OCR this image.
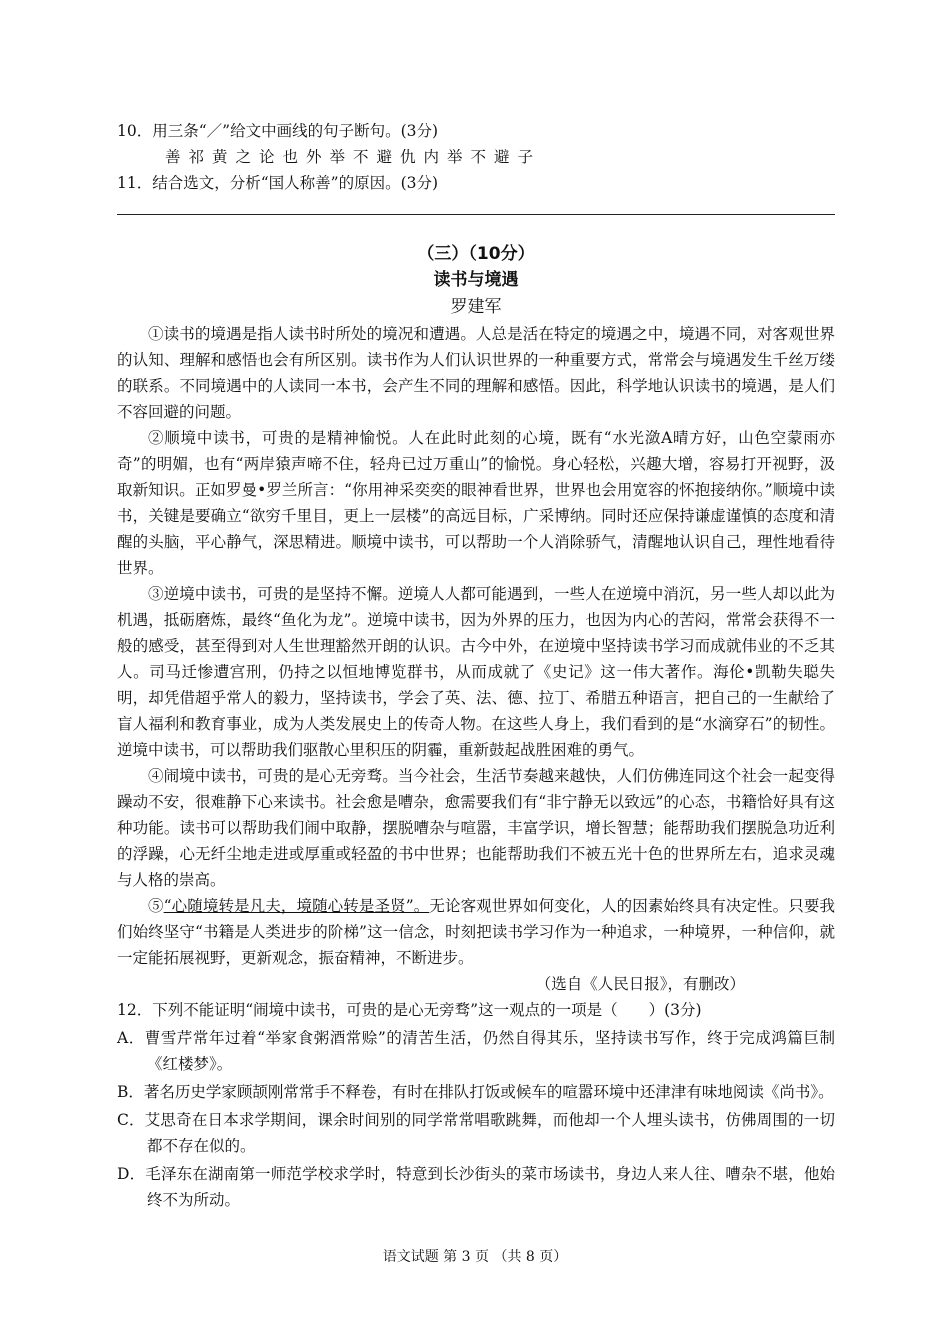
10．用三条“／”给文中画线的句子断句。(3分)
善祁黄之论也外举不避仇内举不避子
11．结合选文，分析“国人称善”的原因。(3分)
（三）（10分）
读书与境遇
罗建军

①读书的境遇是指人读书时所处的境况和遭遇。人总是活在特定的境遇之中，境遇不同，对客观世界的认知、理解和感悟也会有所区别。读书作为人们认识世界的一种重要方式，常常会与境遇发生千丝万缕的联系。不同境遇中的人读同一本书，会产生不同的理解和感悟。因此，科学地认识读书的境遇，是人们不容回避的问题。

②顺境中读书，可贵的是精神愉悦。人在此时此刻的心境，既有“水光潋A晴方好，山色空蒙雨亦奇”的明媚，也有“两岸猿声啼不住，轻舟已过万重山”的愉悦。身心轻松，兴趣大增，容易打开视野，汲取新知识。正如罗曼•罗兰所言：“你用神采奕奕的眼神看世界，世界也会用宽容的怀抱接纳你。”顺境中读书，关键是要确立“欲穷千里目，更上一层楼”的高远目标，广采博纳。同时还应保持谦虚谨慎的态度和清醒的头脑，平心静气，深思精进。顺境中读书，可以帮助一个人消除骄气，清醒地认识自己，理性地看待世界。

③逆境中读书，可贵的是坚持不懈。逆境人人都可能遇到，一些人在逆境中消沉，另一些人却以此为机遇，抵砺磨炼，最终“鱼化为龙”。逆境中读书，因为外界的压力，也因为内心的苦闷，常常会获得不一般的感受，甚至得到对人生世理豁然开朗的认识。古今中外，在逆境中坚持读书学习而成就伟业的不乏其人。司马迁惨遭宫刑，仍持之以恒地博览群书，从而成就了《史记》这一伟大著作。海伦•凯勒失聪失明，却凭借超乎常人的毅力，坚持读书，学会了英、法、德、拉丁、希腊五种语言，把自己的一生献给了盲人福利和教育事业，成为人类发展史上的传奇人物。在这些人身上，我们看到的是“水滴穿石”的韧性。逆境中读书，可以帮助我们驱散心里积压的阴霾，重新鼓起战胜困难的勇气。

④闹境中读书，可贵的是心无旁骛。当今社会，生活节奏越来越快，人们仿佛连同这个社会一起变得躁动不安，很难静下心来读书。社会愈是嘈杂，愈需要我们有“非宁静无以致远”的心态，书籍恰好具有这种功能。读书可以帮助我们闹中取静，摆脱嘈杂与喧嚣，丰富学识，增长智慧；能帮助我们摆脱急功近利的浮躁，心无纤尘地走进或厚重或轻盈的书中世界；也能帮助我们不被五光十色的世界所左右，追求灵魂与人格的崇高。

⑤“心随境转是凡夫，境随心转是圣贤”。无论客观世界如何变化，人的因素始终具有决定性。只要我们始终坚守“书籍是人类进步的阶梯”这一信念，时刻把读书学习作为一种追求，一种境界，一种信仰，就一定能拓展视野，更新观念，振奋精神，不断进步。

（选自《人民日报》，有删改）
12．下列不能证明“闹境中读书，可贵的是心无旁骛”这一观点的一项是（　　）(3分)
A．曹雪芹常年过着“举家食粥酒常赊”的清苦生活，仍然自得其乐，坚持读书写作，终于完成鸿篇巨制《红楼梦》。
B．著名历史学家顾颉刚常常手不释卷，有时在排队打饭或候车的喧嚣环境中还津津有味地阅读《尚书》。
C．艾思奇在日本求学期间，课余时间别的同学常常唱歌跳舞，而他却一个人埋头读书，仿佛周围的一切都不存在似的。
D．毛泽东在湖南第一师范学校求学时，特意到长沙街头的菜市场读书，身边人来人往、嘈杂不堪，他始终不为所动。
语文试题 第 3 页 （共 8 页）
